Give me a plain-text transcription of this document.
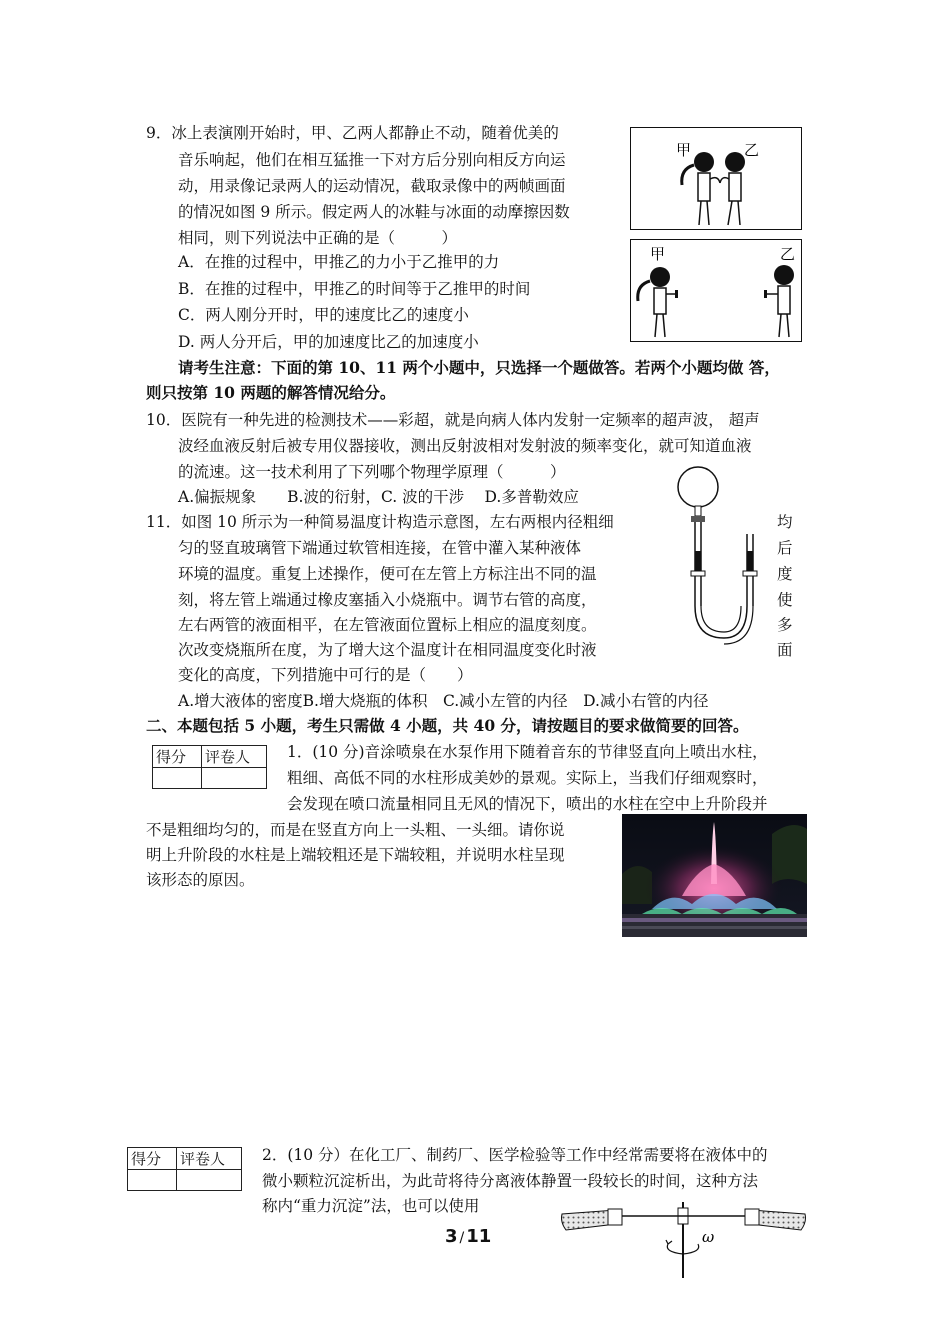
9．冰上表演刚开始时，甲、乙两人都静止不动，随着优美的
音乐响起，他们在相互猛推一下对方后分别向相反方向运
动，用录像记录两人的运动情况，截取录像中的两帧画面
的情况如图 9 所示。假定两人的冰鞋与冰面的动摩擦因数
相同，则下列说法中正确的是（　　　）
A．在推的过程中，甲推乙的力小于乙推甲的力
B．在推的过程中，甲推乙的时间等于乙推甲的时间
C．两人刚分开时，甲的速度比乙的速度小
D. 两人分开后，甲的加速度比乙的加速度小
甲	乙
甲	乙
请考生注意：下面的第 10、11 两个小题中，只选择一个题做答。若两个小题均做 答，
则只按第 10 两题的解答情况给分。
10．医院有一种先进的检测技术——彩超，就是向病人体内发射一定频率的超声波， 超声
波经血液反射后被专用仪器接收，测出反射波相对发射波的频率变化，就可知道血液
的流速。这一技术利用了下列哪个物理学原理（　　　）
A.偏振规象　　B.波的衍射，C. 波的干涉　 D.多普勒效应
11．如图 10 所示为一种简易温度计构造示意图，左右两根内径粗细
匀的竖直玻璃管下端通过软管相连接，在管中灌入某种液体
环境的温度。重复上述操作，便可在左管上方标注出不同的温
刻，将左管上端通过橡皮塞插入小烧瓶中。调节右管的高度，
左右两管的液面相平，在左管液面位置标上相应的温度刻度。
次改变烧瓶所在度，为了增大这个温度计在相同温度变化时液
变化的高度，下列措施中可行的是（　　）
均
后
度
使
多
面
A.增大液体的密度B.增大烧瓶的体积　C.减小左管的内径　D.减小右管的内径
二、本题包括 5 小题，考生只需做 4 小题，共 40 分，请按题目的要求做简要的回答。
得分	评卷人
	1．(10 分)音涂喷泉在水泵作用下随着音东的节律竖直向上喷出水柱，
粗细、高低不同的水柱形成美妙的景观。实际上，当我们仔细观察时，
会发现在喷口流量相同且无风的情况下，喷出的水柱在空中上升阶段并
不是粗细均匀的，而是在竖直方向上一头粗、一头细。请你说
明上升阶段的水柱是上端较粗还是下端较粗，并说明水柱呈现
该形态的原因。
得分	评卷人
	2．(10 分）在化工厂、制药厂、医学检验等工作中经常需要将在液体中的
微小颗粒沉淀析出，为此苛将待分离液体静置一段较长的时间，这种方法
称内“重力沉淀”法，也可以使用
ω
3 / 11
